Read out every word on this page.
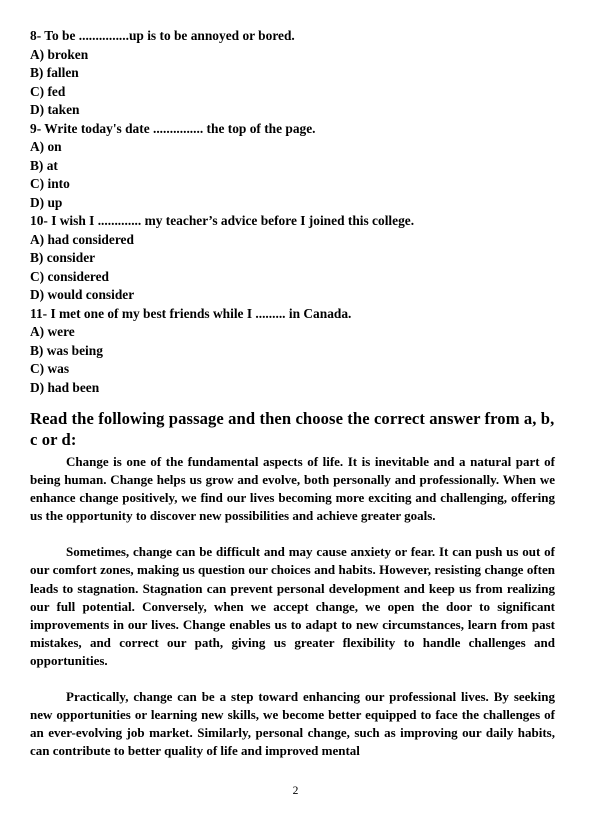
8- To be ...............up is to be annoyed or bored.
A) broken
B) fallen
C) fed
D) taken
9- Write today's date ............... the top of the page.
A) on
B) at
C) into
D) up
10- I wish I ............. my teacher’s advice before I joined this college.
A) had considered
B) consider
C) considered
D) would consider
11- I met one of my best friends while I ......... in Canada.
A) were
B) was being
C) was
D) had been
Read the following passage and then choose the correct answer from a, b, c or d:

Change is one of the fundamental aspects of life. It is inevitable and a natural part of being human. Change helps us grow and evolve, both personally and professionally. When we enhance change positively, we find our lives becoming more exciting and challenging, offering us the opportunity to discover new possibilities and achieve greater goals.

Sometimes, change can be difficult and may cause anxiety or fear. It can push us out of our comfort zones, making us question our choices and habits. However, resisting change often leads to stagnation. Stagnation can prevent personal development and keep us from realizing our full potential. Conversely, when we accept change, we open the door to significant improvements in our lives. Change enables us to adapt to new circumstances, learn from past mistakes, and correct our path, giving us greater flexibility to handle challenges and opportunities.

Practically, change can be a step toward enhancing our professional lives. By seeking new opportunities or learning new skills, we become better equipped to face the challenges of an ever-evolving job market. Similarly, personal change, such as improving our daily habits, can contribute to better quality of life and improved mental

2
